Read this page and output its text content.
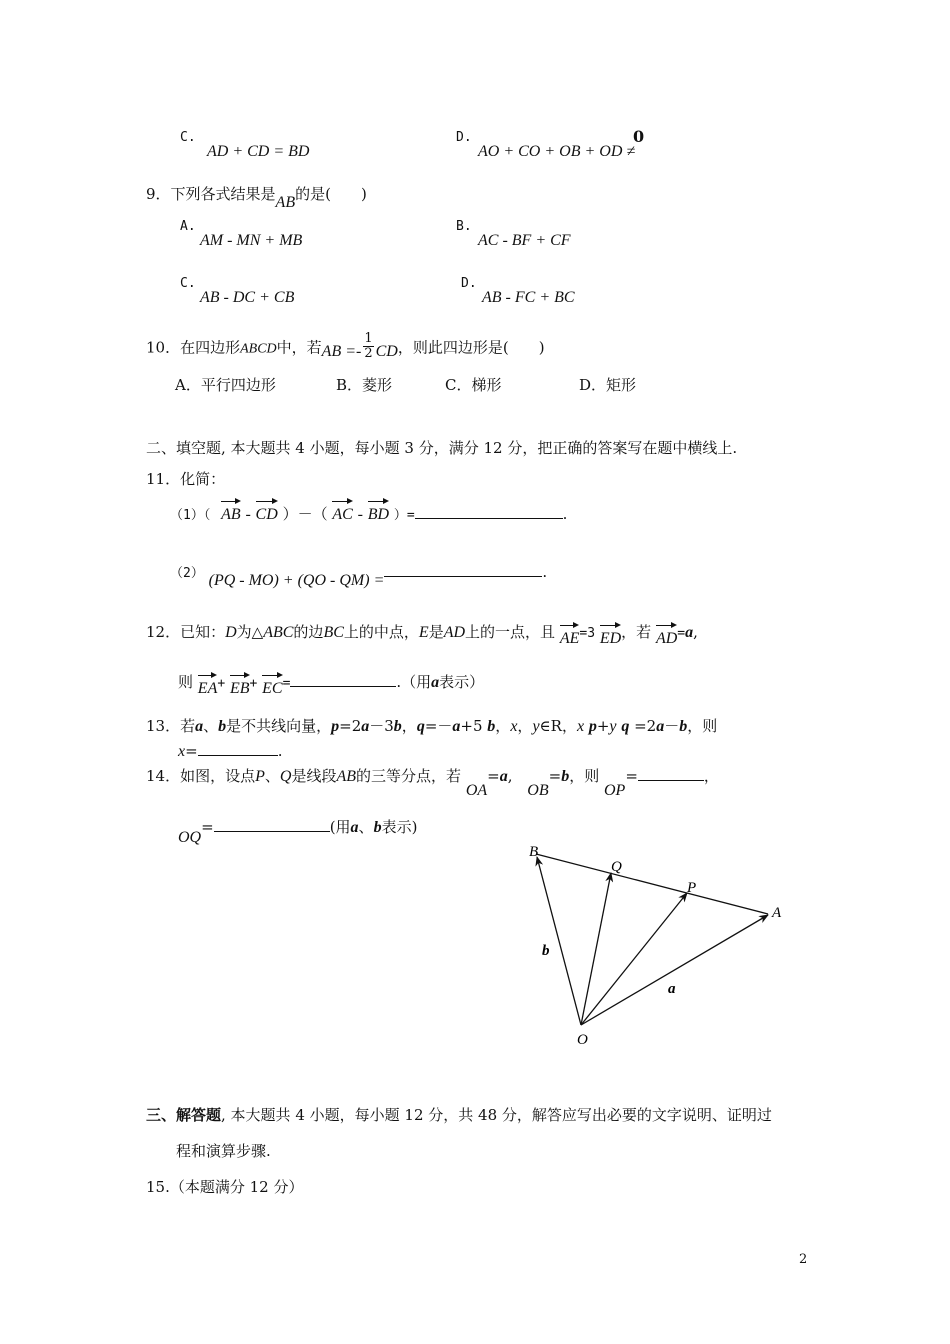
C.
AD + CD = BD
D.
AO + CO + OB + OD ≠
0
9．下列各式结果是AB的是(　　)
A.
AM - MN + MB
B.
AC - BF + CF
C.
AB - DC + CB
D.
AB - FC + BC
10．在四边形ABCD中，若AB =- $\frac{1}{2}$ CD，则此四边形是(　　)
A．平行四边形	B．菱形	C．梯形	D．矩形
二、填空题, 本大题共 4 小题，每小题 3 分，满分 12 分，把正确的答案写在题中横线上.
11．化简：
（1）（ AB - CD ）－（ AC - BD ）=	.
（2） (PQ - MO) + (QO - QM) =	.
12．已知：D为△ABC的边BC上的中点，E是AD上的一点，且 AE=3 ED，若 AD=a,
则 EA+ EB+ EC=	.（用a表示）
13．若a、b是不共线向量，p=2a－3b，q=－a+5 b，x，y∈R，x p+y q =2a－b，则
x=	.
14．如图，设点P、Q是线段AB的三等分点，若 OA=a, OB=b，则 OP=	，
OQ=	(用a、b表示)
B
Q
P
A
O
b
a
三、解答题, 本大题共 4 小题，每小题 12 分，共 48 分，解答应写出必要的文字说明、证明过
程和演算步骤.
15.（本题满分 12 分）
2
